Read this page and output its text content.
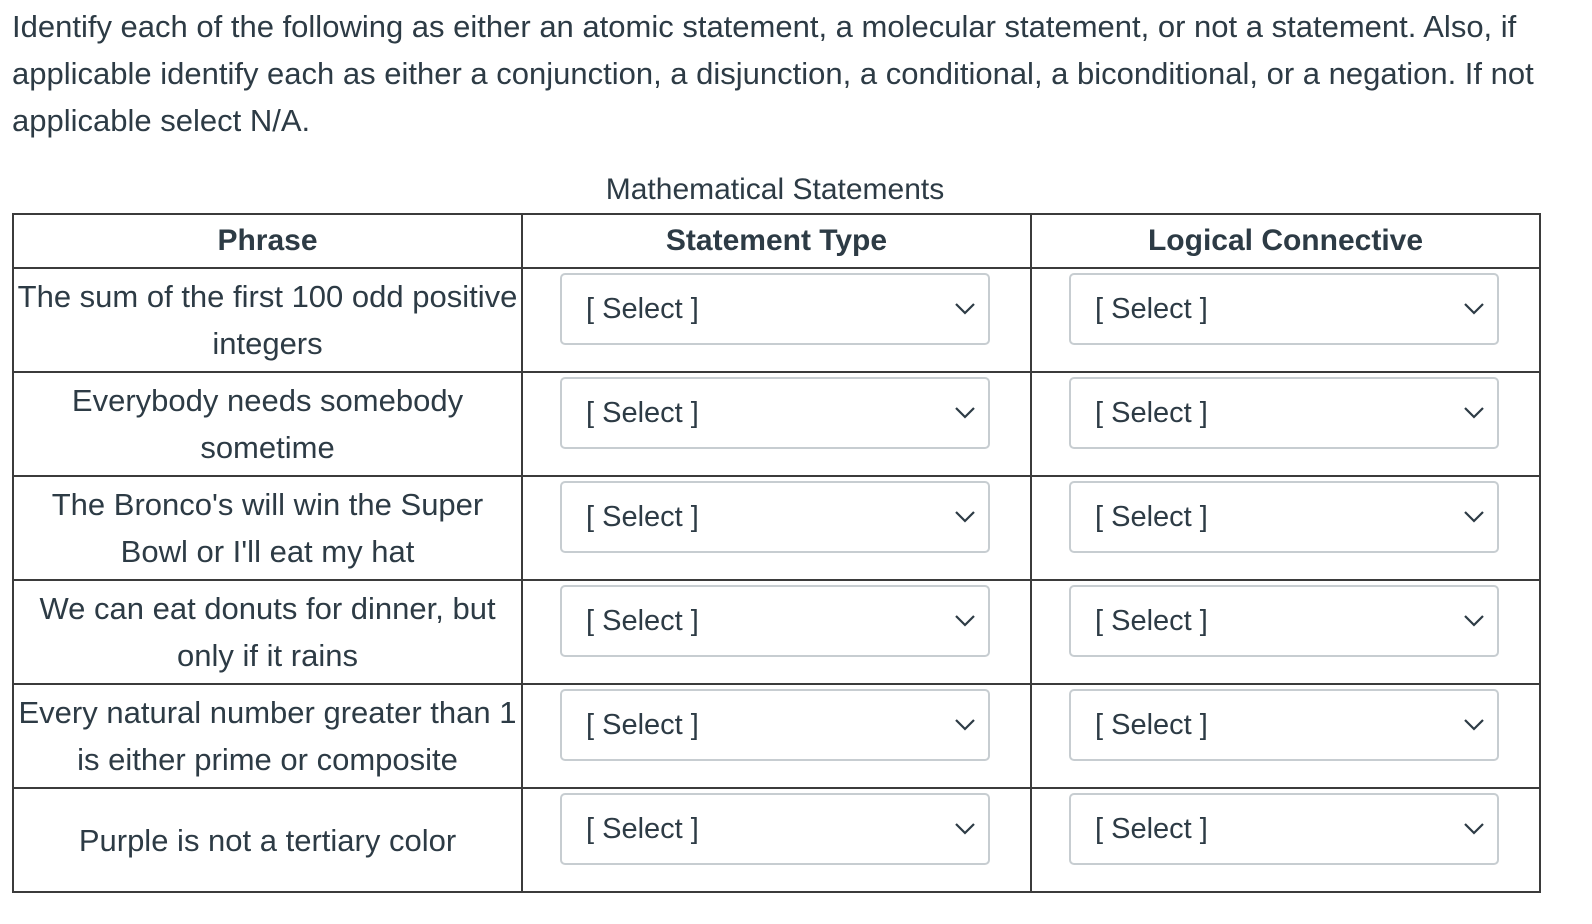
Identify each of the following as either an atomic statement, a molecular statement, or not a statement. Also, if applicable identify each as either a conjunction, a disjunction, a conditional, a biconditional, or a negation. If not applicable select N/A.

Mathematical Statements
Phrase	Statement Type	Logical Connective
The sum of the first 100 odd positive integers	[ Select ]	[ Select ]

Everybody needs somebody sometime	[ Select ]	[ Select ]

The Bronco's will win the Super Bowl or I'll eat my hat	[ Select ]	[ Select ]

We can eat donuts for dinner, but only if it rains	[ Select ]	[ Select ]

Every natural number greater than 1 is either prime or composite	[ Select ]	[ Select ]

Purple is not a tertiary color	[ Select ]	[ Select ]
